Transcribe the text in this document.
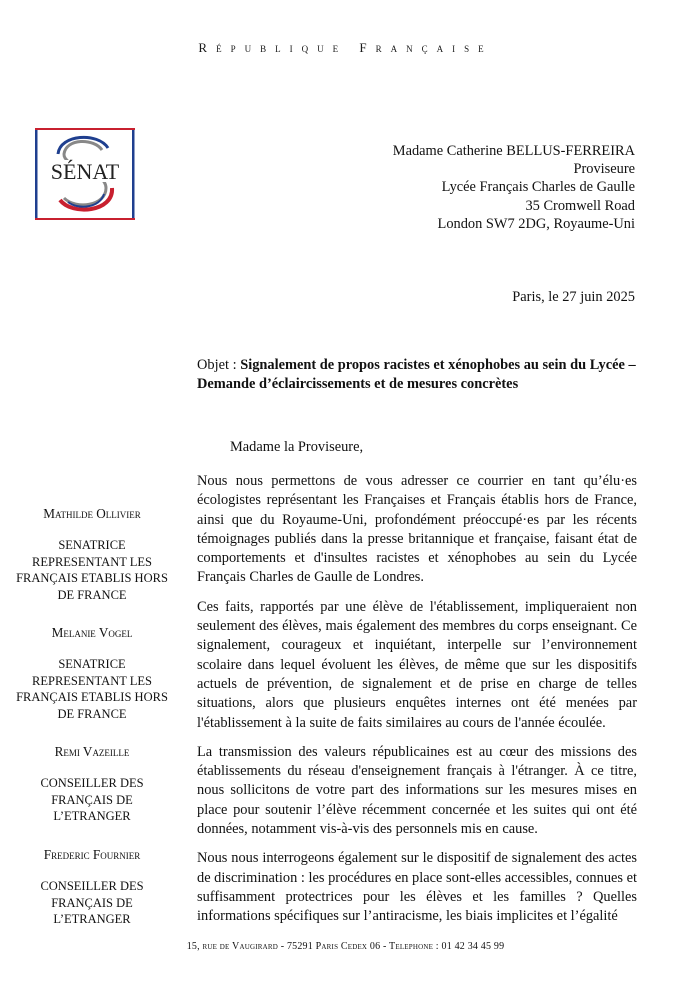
République Française
SÉNAT
Madame Catherine BELLUS-FERREIRA
Proviseure
Lycée Français Charles de Gaulle
35 Cromwell Road
London SW7 2DG, Royaume-Uni
Paris, le 27 juin 2025
Objet : Signalement de propos racistes et xénophobes au sein du Lycée – Demande d’éclaircissements et de mesures concrètes
Madame la Proviseure,

Nous nous permettons de vous adresser ce courrier en tant qu’élu·es écologistes représentant les Françaises et Français établis hors de France, ainsi que du Royaume-Uni, profondément préoccupé·es par les récents témoignages publiés dans la presse britannique et française, faisant état de comportements et d'insultes racistes et xénophobes au sein du Lycée Français Charles de Gaulle de Londres.

Ces faits, rapportés par une élève de l'établissement, impliqueraient non seulement des élèves, mais également des membres du corps enseignant. Ce signalement, courageux et inquiétant, interpelle sur l’environnement scolaire dans lequel évoluent les élèves, de même que sur les dispositifs actuels de prévention, de signalement et de prise en charge de telles situations, alors que plusieurs enquêtes internes ont été menées par l'établissement à la suite de faits similaires au cours de l'année écoulée.

La transmission des valeurs républicaines est au cœur des missions des établissements du réseau d'enseignement français à l'étranger. À ce titre, nous sollicitons de votre part des informations sur les mesures mises en place pour soutenir l’élève récemment concernée et les suites qui ont été données, notamment vis-à-vis des personnels mis en cause.

Nous nous interrogeons également sur le dispositif de signalement des actes de discrimination : les procédures en place sont-elles accessibles, connues et suffisamment protectrices pour les élèves et les familles ? Quelles informations spécifiques sur l’antiracisme, les biais implicites et l’égalité

Mathilde Ollivier
SENATRICE REPRESENTANT LES FRANÇAIS ETABLIS HORS DE FRANCE
Melanie Vogel
SENATRICE REPRESENTANT LES FRANÇAIS ETABLIS HORS DE FRANCE
Remi Vazeille
CONSEILLER DES FRANÇAIS DE L’ETRANGER
Frederic Fournier
CONSEILLER DES FRANÇAIS DE L’ETRANGER
15, rue de Vaugirard - 75291 Paris Cedex 06 - Telephone : 01 42 34 45 99
